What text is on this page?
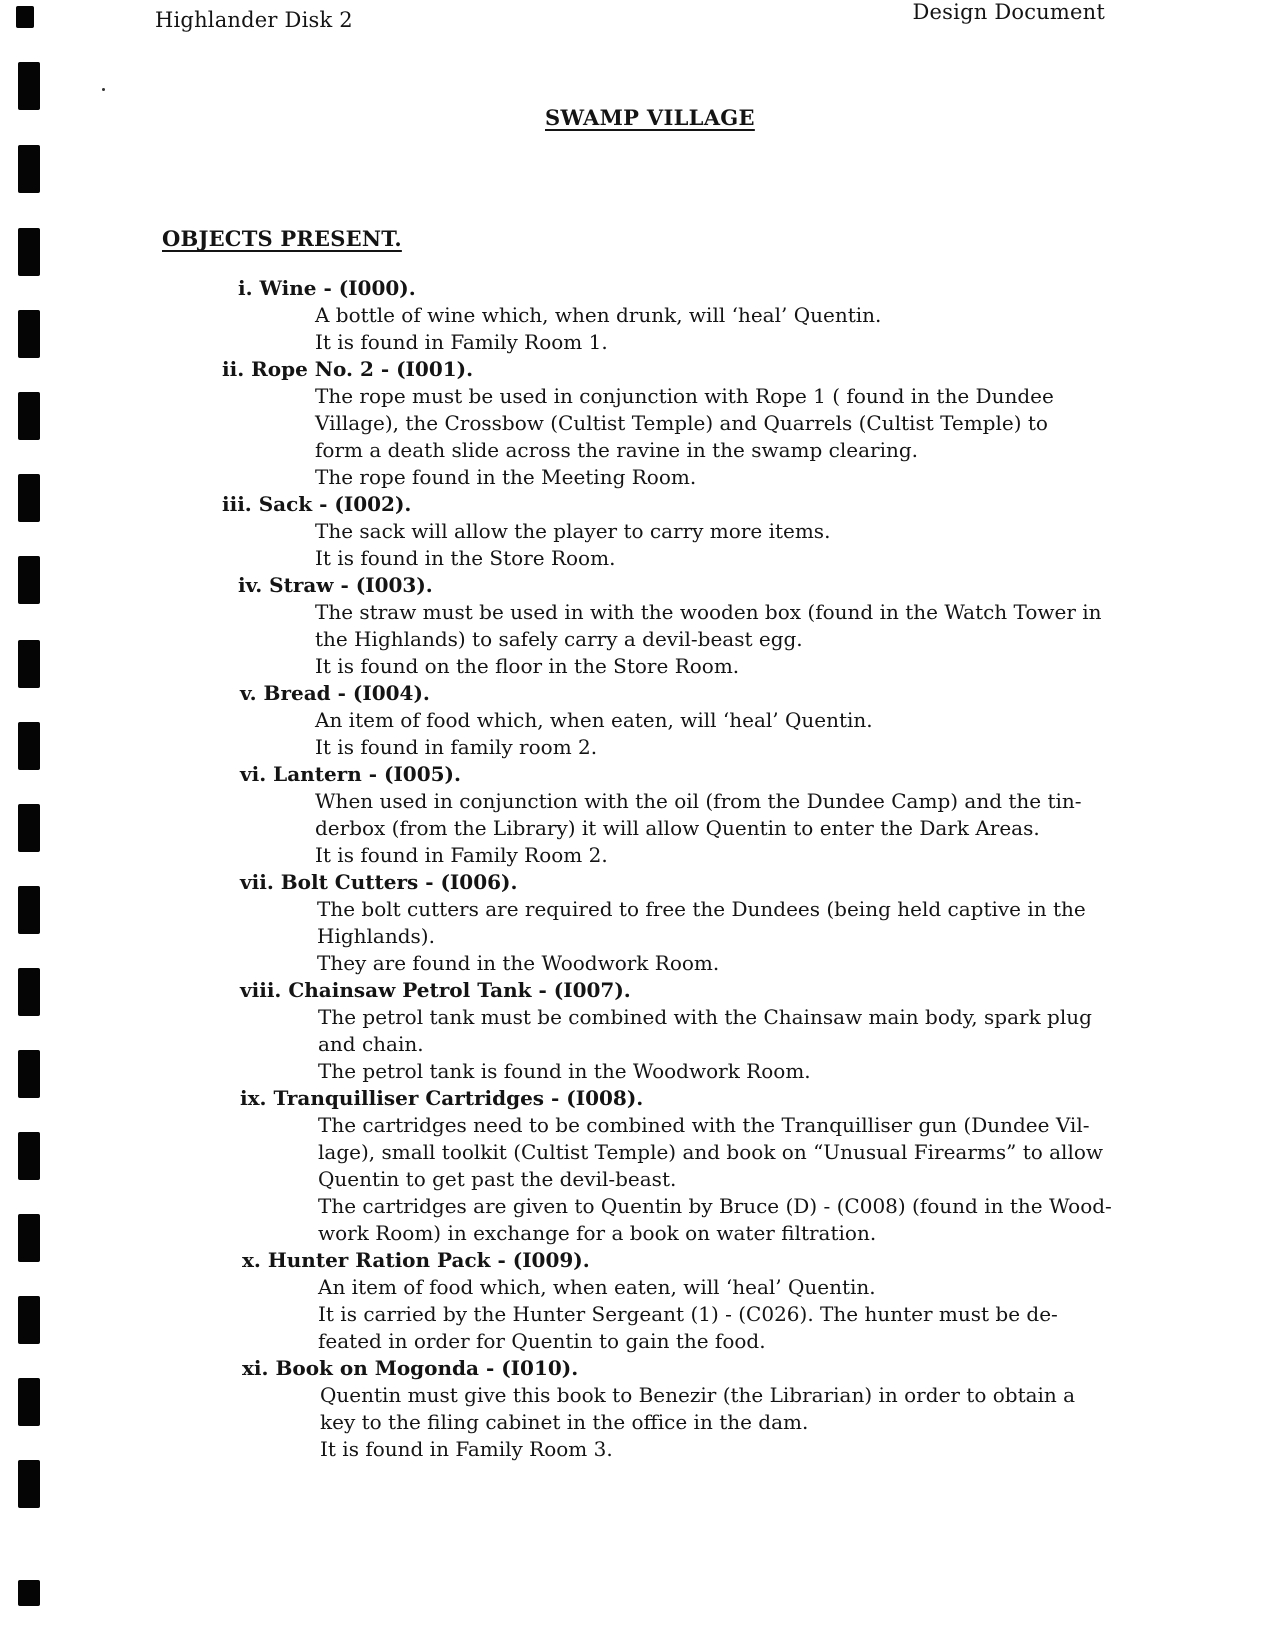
Highlander Disk 2	Design Document
SWAMP VILLAGE
OBJECTS PRESENT.
i. Wine - (I000).
A bottle of wine which, when drunk, will ‘heal’ Quentin.
It is found in Family Room 1.
ii. Rope No. 2 - (I001).
The rope must be used in conjunction with Rope 1 ( found in the Dundee
Village), the Crossbow (Cultist Temple) and Quarrels (Cultist Temple) to
form a death slide across the ravine in the swamp clearing.
The rope found in the Meeting Room.
iii. Sack - (I002).
The sack will allow the player to carry more items.
It is found in the Store Room.
iv. Straw - (I003).
The straw must be used in with the wooden box (found in the Watch Tower in
the Highlands) to safely carry a devil-beast egg.
It is found on the floor in the Store Room.
v. Bread - (I004).
An item of food which, when eaten, will ‘heal’ Quentin.
It is found in family room 2.
vi. Lantern - (I005).
When used in conjunction with the oil (from the Dundee Camp) and the tin-
derbox (from the Library) it will allow Quentin to enter the Dark Areas.
It is found in Family Room 2.
vii. Bolt Cutters - (I006).
The bolt cutters are required to free the Dundees (being held captive in the
Highlands).
They are found in the Woodwork Room.
viii. Chainsaw Petrol Tank - (I007).
The petrol tank must be combined with the Chainsaw main body, spark plug
and chain.
The petrol tank is found in the Woodwork Room.
ix. Tranquilliser Cartridges - (I008).
The cartridges need to be combined with the Tranquilliser gun (Dundee Vil-
lage), small toolkit (Cultist Temple) and book on “Unusual Firearms” to allow
Quentin to get past the devil-beast.
The cartridges are given to Quentin by Bruce (D) - (C008) (found in the Wood-
work Room) in exchange for a book on water filtration.
x. Hunter Ration Pack - (I009).
An item of food which, when eaten, will ‘heal’ Quentin.
It is carried by the Hunter Sergeant (1) - (C026). The hunter must be de-
feated in order for Quentin to gain the food.
xi. Book on Mogonda - (I010).
Quentin must give this book to Benezir (the Librarian) in order to obtain a
key to the filing cabinet in the office in the dam.
It is found in Family Room 3.
